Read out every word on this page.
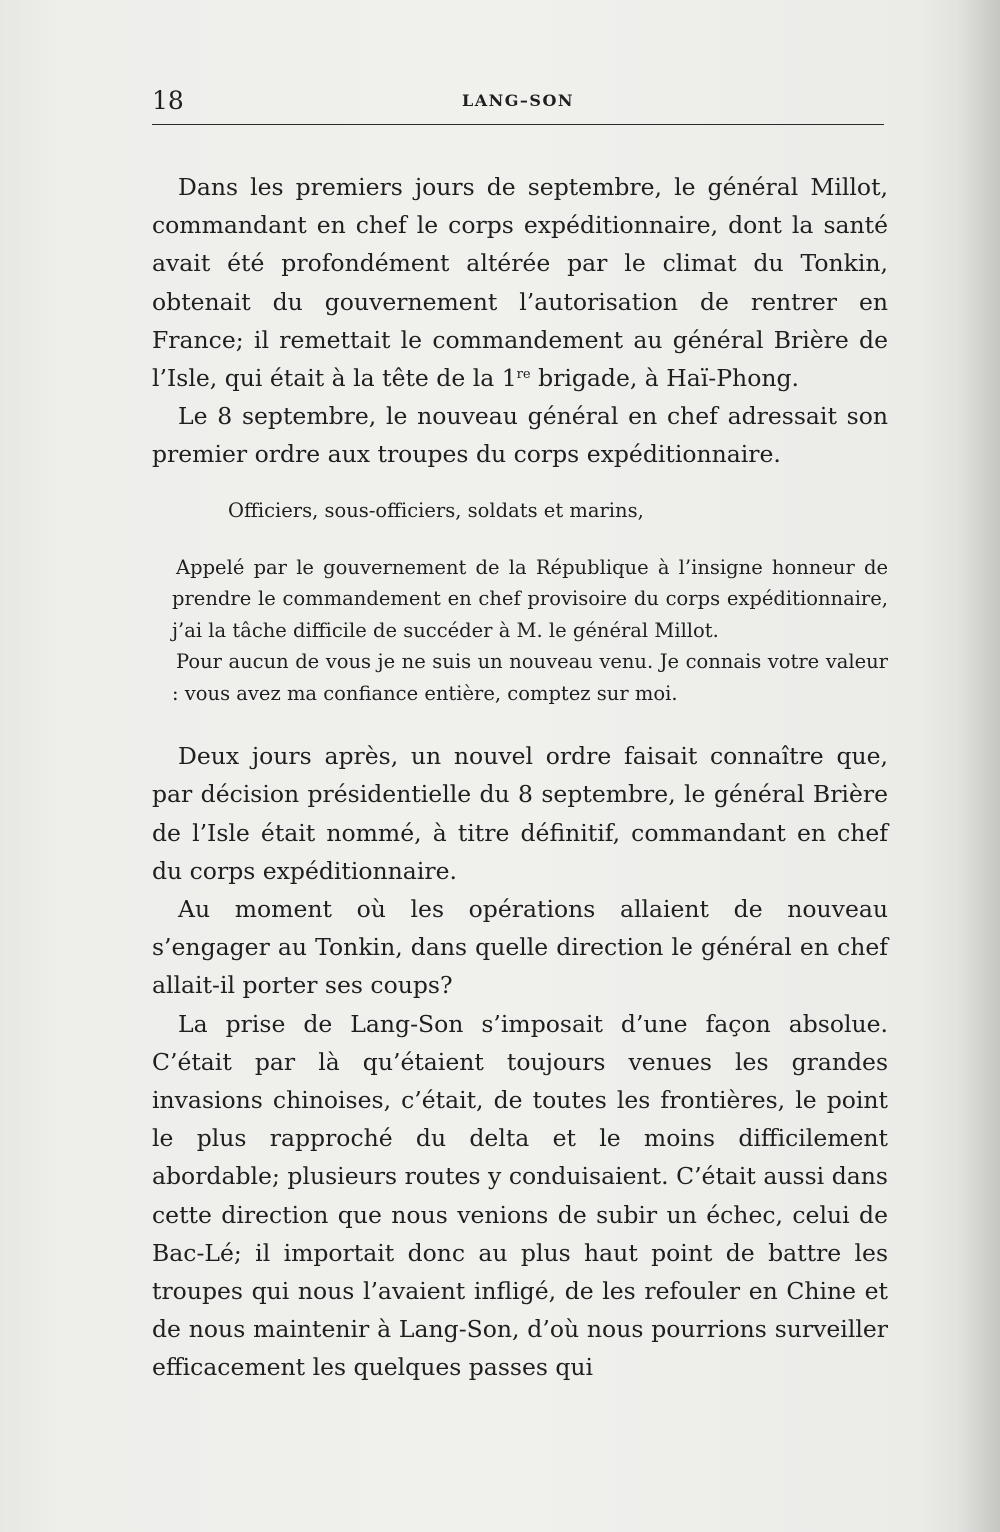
18	LANG–SON

Dans les premiers jours de septembre, le général Millot, commandant en chef le corps expéditionnaire, dont la santé avait été profondément altérée par le climat du Tonkin, obtenait du gouvernement l’autorisation de rentrer en France; il remettait le commandement au général Brière de l’Isle, qui était à la tête de la 1re brigade, à Haï-Phong.

Le 8 septembre, le nouveau général en chef adressait son premier ordre aux troupes du corps expéditionnaire.

Officiers, sous-officiers, soldats et marins,

Appelé par le gouvernement de la République à l’insigne honneur de prendre le commandement en chef provisoire du corps expéditionnaire, j’ai la tâche difficile de succéder à M. le général Millot.

Pour aucun de vous je ne suis un nouveau venu. Je connais votre valeur : vous avez ma confiance entière, comptez sur moi.

Deux jours après, un nouvel ordre faisait connaître que, par décision présidentielle du 8 septembre, le général Brière de l’Isle était nommé, à titre définitif, commandant en chef du corps expéditionnaire.

Au moment où les opérations allaient de nouveau s’engager au Tonkin, dans quelle direction le général en chef allait-il porter ses coups?

La prise de Lang-Son s’imposait d’une façon absolue. C’était par là qu’étaient toujours venues les grandes invasions chinoises, c’était, de toutes les frontières, le point le plus rapproché du delta et le moins difficilement abordable; plusieurs routes y conduisaient. C’était aussi dans cette direction que nous venions de subir un échec, celui de Bac-Lé; il importait donc au plus haut point de battre les troupes qui nous l’avaient infligé, de les refouler en Chine et de nous maintenir à Lang-Son, d’où nous pourrions surveiller efficacement les quelques passes qui
